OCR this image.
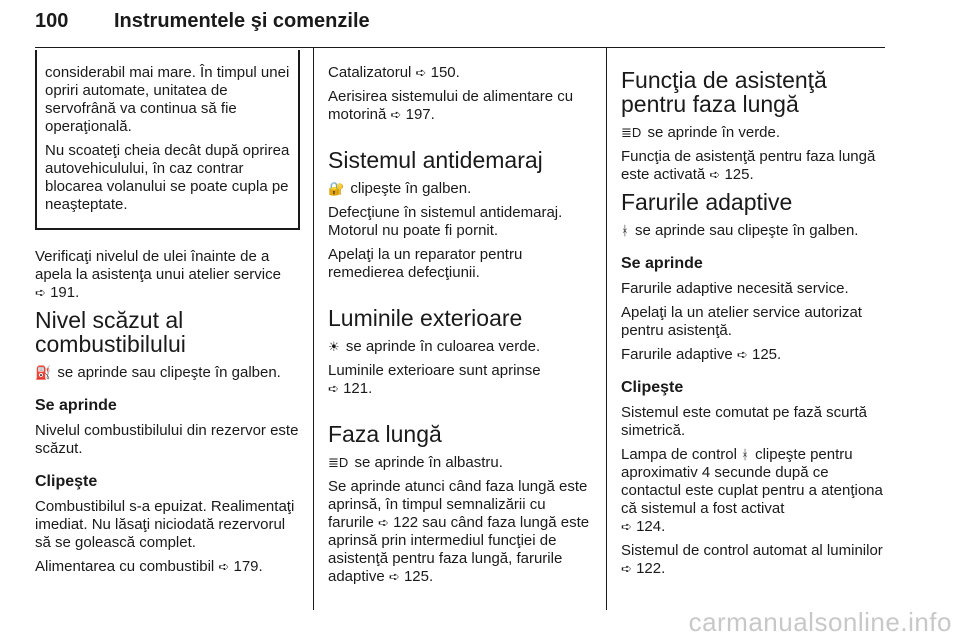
100 Instrumentele şi comenzile

considerabil mai mare. În timpul unei opriri automate, unitatea de servofrână va continua să fie operaţională.

Nu scoateţi cheia decât după oprirea autovehiculului, în caz contrar blocarea volanului se poate cupla pe neaşteptate.

Verificaţi nivelul de ulei înainte de a apela la asistenţa unui atelier service
➪ 191.

Nivel scăzut al combustibilului

⛽ se aprinde sau clipeşte în galben.

Se aprinde

Nivelul combustibilului din rezervor este scăzut.

Clipeşte

Combustibilul s-a epuizat. Realimentaţi imediat. Nu lăsaţi niciodată rezervorul să se golească complet.

Alimentarea cu combustibil ➪ 179.

Catalizatorul ➪ 150.

Aerisirea sistemului de alimentare cu motorină ➪ 197.

Sistemul antidemaraj

🔐 clipeşte în galben.

Defecţiune în sistemul antidemaraj. Motorul nu poate fi pornit.

Apelaţi la un reparator pentru remedierea defecţiunii.

Luminile exterioare

☀ se aprinde în culoarea verde.

Luminile exterioare sunt aprinse
➪ 121.

Faza lungă

≣D se aprinde în albastru.

Se aprinde atunci când faza lungă este aprinsă, în timpul semnalizării cu farurile ➪ 122 sau când faza lungă este aprinsă prin intermediul funcţiei de asistenţă pentru faza lungă, farurile adaptive ➪ 125.

Funcţia de asistenţă pentru faza lungă

≣D se aprinde în verde.

Funcţia de asistenţă pentru faza lungă este activată ➪ 125.

Farurile adaptive

ᚼ se aprinde sau clipeşte în galben.

Se aprinde

Farurile adaptive necesită service.

Apelaţi la un atelier service autorizat pentru asistenţă.

Farurile adaptive ➪ 125.

Clipeşte

Sistemul este comutat pe fază scurtă simetrică.

Lampa de control ᚼ clipeşte pentru aproximativ 4 secunde după ce contactul este cuplat pentru a atenţiona că sistemul a fost activat
➪ 124.

Sistemul de control automat al luminilor ➪ 122.

carmanualsonline.info
